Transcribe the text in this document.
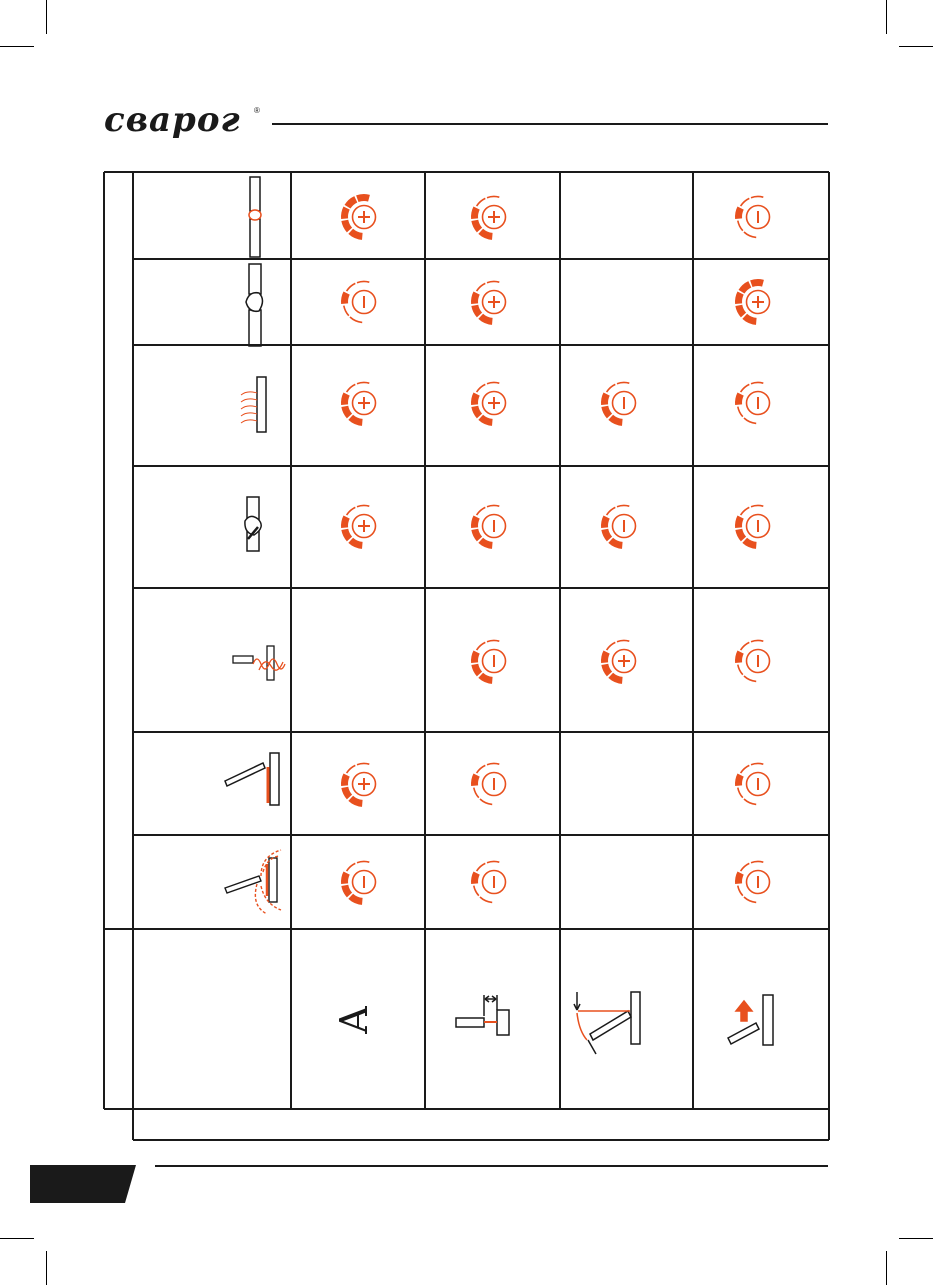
сварог ®
A
